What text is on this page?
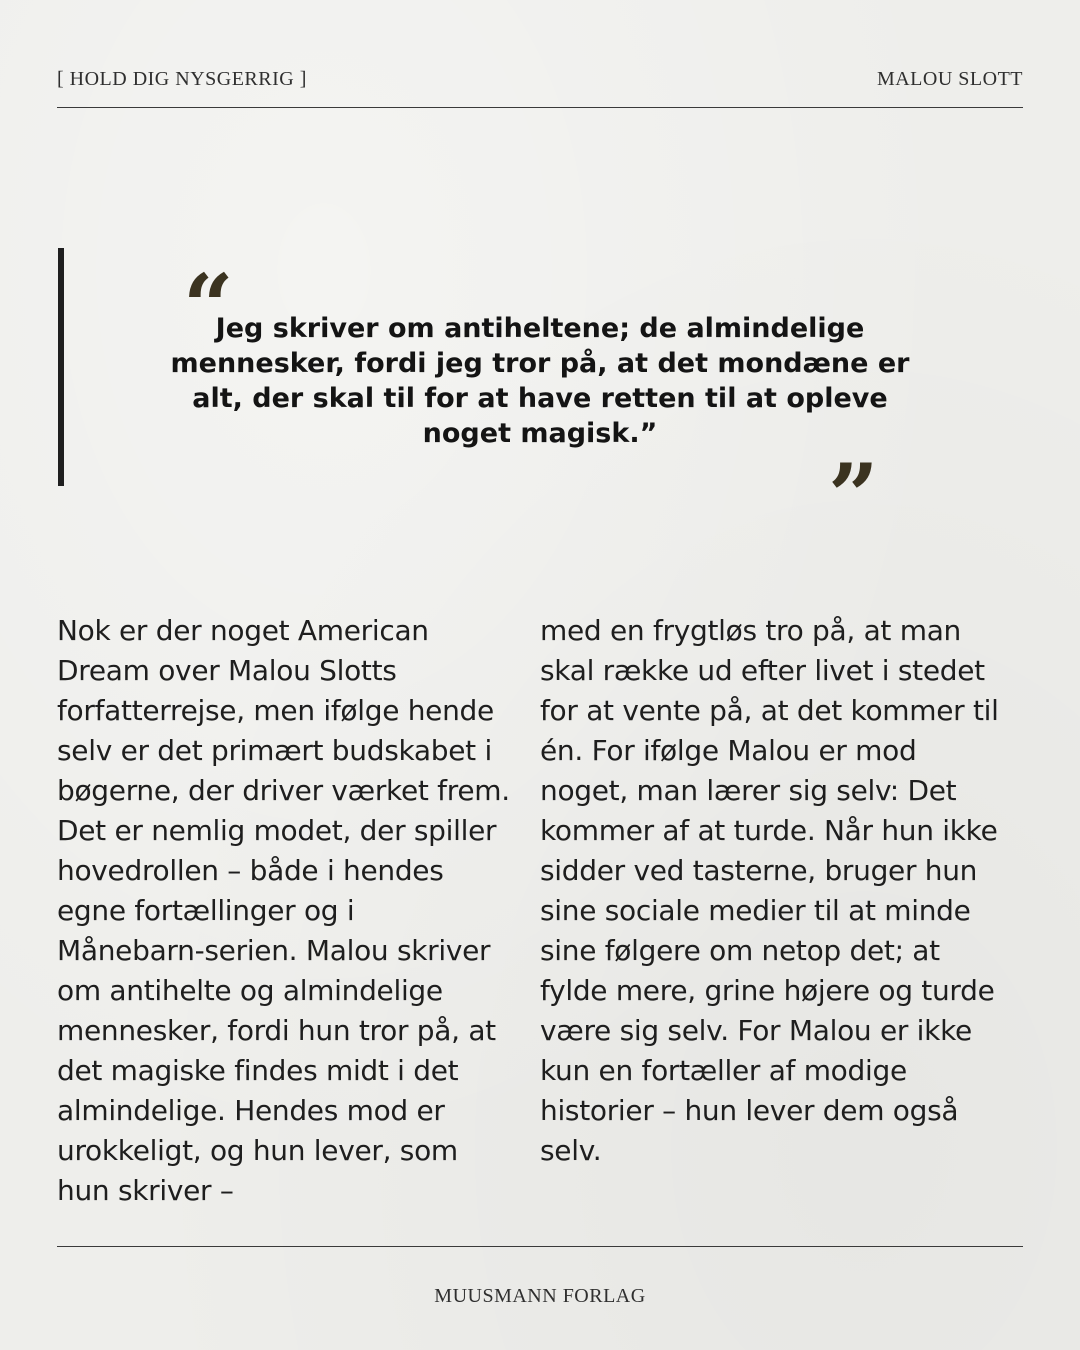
[ HOLD DIG NYSGERRIG ]	MALOU SLOTT
“

Jeg skriver om antiheltene; de almindelige mennesker, fordi jeg tror på, at det mondæne er alt, der skal til for at have retten til at opleve noget magisk.”

”
Nok er der noget American
Dream over Malou Slotts
forfatterrejse, men ifølge hende
selv er det primært budskabet i
bøgerne, der driver værket frem.
Det er nemlig modet, der spiller
hovedrollen – både i hendes
egne fortællinger og i
Månebarn-serien. Malou skriver
om antihelte og almindelige
mennesker, fordi hun tror på, at
det magiske findes midt i det
almindelige. Hendes mod er
urokkeligt, og hun lever, som
hun skriver –
med en frygtløs tro på, at man
skal række ud efter livet i stedet
for at vente på, at det kommer til
én. For ifølge Malou er mod
noget, man lærer sig selv: Det
kommer af at turde. Når hun ikke
sidder ved tasterne, bruger hun
sine sociale medier til at minde
sine følgere om netop det; at
fylde mere, grine højere og turde
være sig selv. For Malou er ikke
kun en fortæller af modige
historier – hun lever dem også
selv.
MUUSMANN FORLAG
